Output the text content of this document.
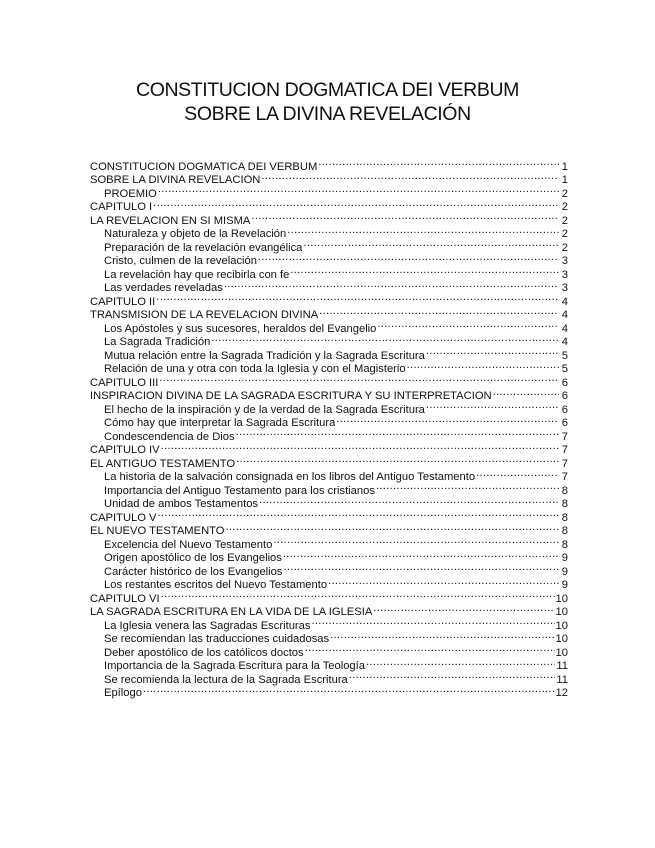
CONSTITUCION DOGMATICA DEI VERBUM
SOBRE LA DIVINA REVELACIÓN
CONSTITUCION DOGMATICA DEI VERBUM .....	1
SOBRE LA DIVINA REVELACIÓN .....	1
PROEMIO .....	2
CAPITULO I .....	2
LA REVELACION EN SI MISMA .....	2
Naturaleza y objeto de la Revelación .....	2
Preparación de la revelación evangélica .....	2
Cristo, culmen de la revelación .....	3
La revelación hay que recibirla con fe .....	3
Las verdades reveladas .....	3
CAPITULO II .....	4
TRANSMISION DE LA REVELACION DIVINA .....	4
Los Apóstoles y sus sucesores, heraldos del Evangelio .....	4
La Sagrada Tradición .....	4
Mutua relación entre la Sagrada Tradición y la Sagrada Escritura .....	5
Relación de una y otra con toda la Iglesia y con el Magisterio .....	5
CAPITULO III .....	6
INSPIRACION DIVINA DE LA SAGRADA ESCRITURA Y SU INTERPRETACION .....	6
El hecho de la inspiración y de la verdad de la Sagrada Escritura .....	6
Cómo hay que interpretar la Sagrada Escritura .....	6
Condescendencia de Dios .....	7
CAPITULO IV .....	7
EL ANTIGUO TESTAMENTO .....	7
La historia de la salvación consignada en los libros del Antiguo Testamento .....	7
Importancia del Antiguo Testamento para los cristianos .....	8
Unidad de ambos Testamentos .....	8
CAPITULO V .....	8
EL NUEVO TESTAMENTO .....	8
Excelencia del Nuevo Testamento .....	8
Origen apostólico de los Evangelios .....	9
Carácter histórico de los Evangelios .....	9
Los restantes escritos del Nuevo Testamento .....	9
CAPITULO VI .....	10
LA SAGRADA ESCRITURA EN LA VIDA DE LA IGLESIA .....	10
La Iglesia venera las Sagradas Escrituras .....	10
Se recomiendan las traducciones cuidadosas .....	10
Deber apostólico de los católicos doctos .....	10
Importancia de la Sagrada Escritura para la Teología .....	11
Se recomienda la lectura de la Sagrada Escritura .....	11
Epílogo .....	12
